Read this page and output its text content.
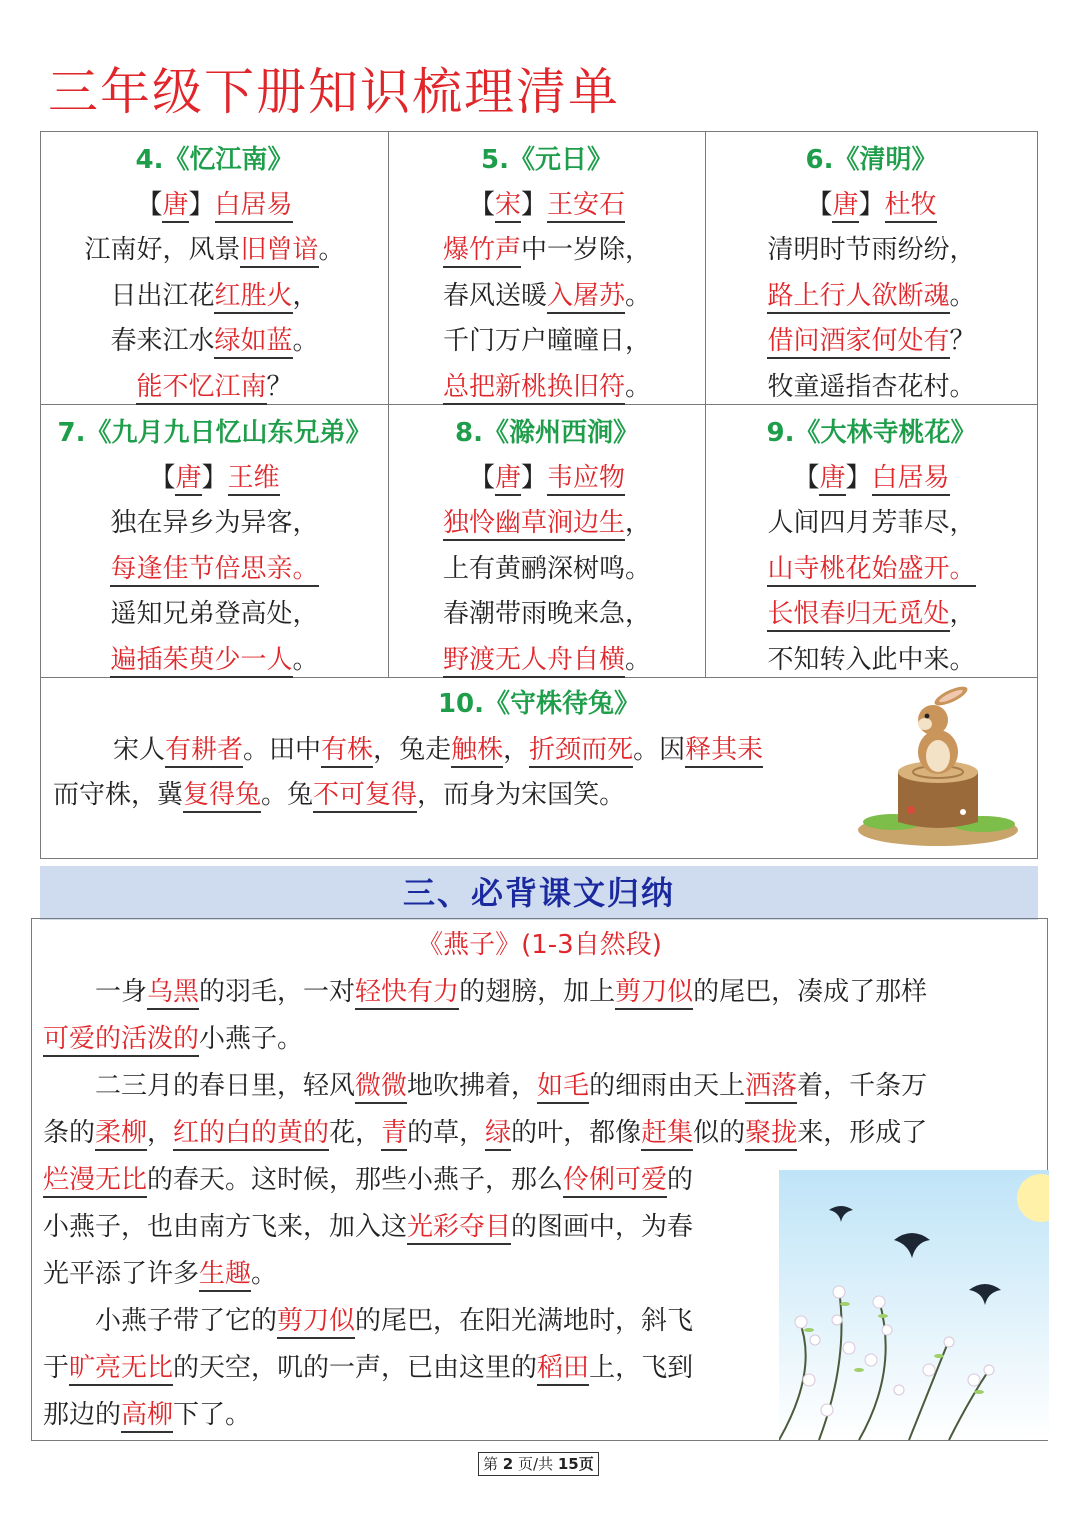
三年级下册知识梳理清单
4.《忆江南》
【唐】白居易
江南好，风景旧曾谙。
日出江花红胜火，
春来江水绿如蓝。
能不忆江南？
5.《元日》
【宋】王安石
爆竹声中一岁除，
春风送暖入屠苏。
千门万户曈曈日，
总把新桃换旧符。
6.《清明》
【唐】杜牧
清明时节雨纷纷，
路上行人欲断魂。
借问酒家何处有？
牧童遥指杏花村。
7.《九月九日忆山东兄弟》
【唐】王维
独在异乡为异客，
每逢佳节倍思亲。
遥知兄弟登高处，
遍插茱萸少一人。
8.《滁州西涧》
【唐】韦应物
独怜幽草涧边生，
上有黄鹂深树鸣。
春潮带雨晚来急，
野渡无人舟自横。
9.《大林寺桃花》
【唐】白居易
人间四月芳菲尽，
山寺桃花始盛开。
长恨春归无觅处，
不知转入此中来。
10.《守株待兔》
宋人有耕者。田中有株，兔走触株，折颈而死。因释其耒
而守株，冀复得兔。兔不可复得，而身为宋国笑。
三、必背课文归纳
《燕子》(1-3自然段)
　　一身乌黑的羽毛，一对轻快有力的翅膀，加上剪刀似的尾巴，凑成了那样
可爱的活泼的小燕子。
　　二三月的春日里，轻风微微地吹拂着，如毛的细雨由天上洒落着，千条万
条的柔柳，红的白的黄的花，青的草，绿的叶，都像赶集似的聚拢来，形成了
烂漫无比的春天。这时候，那些小燕子，那么伶俐可爱的
小燕子，也由南方飞来，加入这光彩夺目的图画中，为春
光平添了许多生趣。
　　小燕子带了它的剪刀似的尾巴，在阳光满地时，斜飞
于旷亮无比的天空，叽的一声，已由这里的稻田上，飞到
那边的高柳下了。
第 2 页/共 15页
